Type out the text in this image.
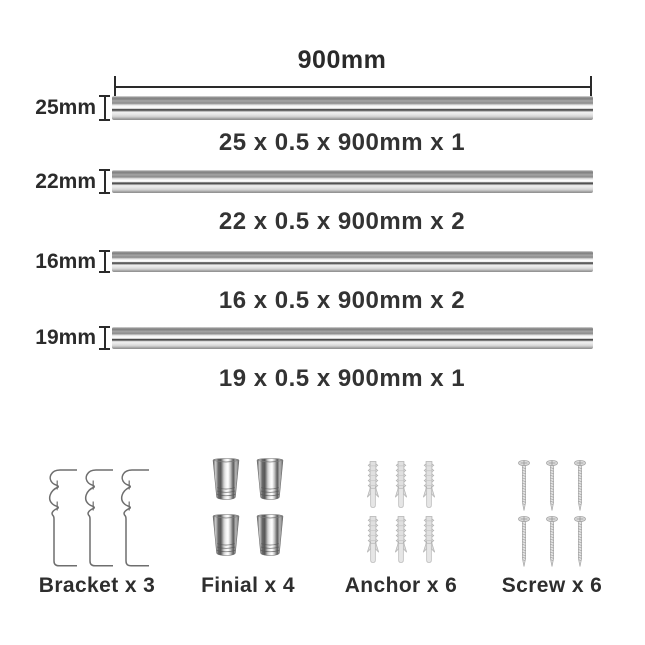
900mm
25mm
25 x 0.5 x 900mm x 1
22mm
22 x 0.5 x 900mm x 2
16mm
16 x 0.5 x 900mm x 2
19mm
19 x 0.5 x 900mm x 1
Bracket x 3 Finial x 4 Anchor x 6 Screw x 6
